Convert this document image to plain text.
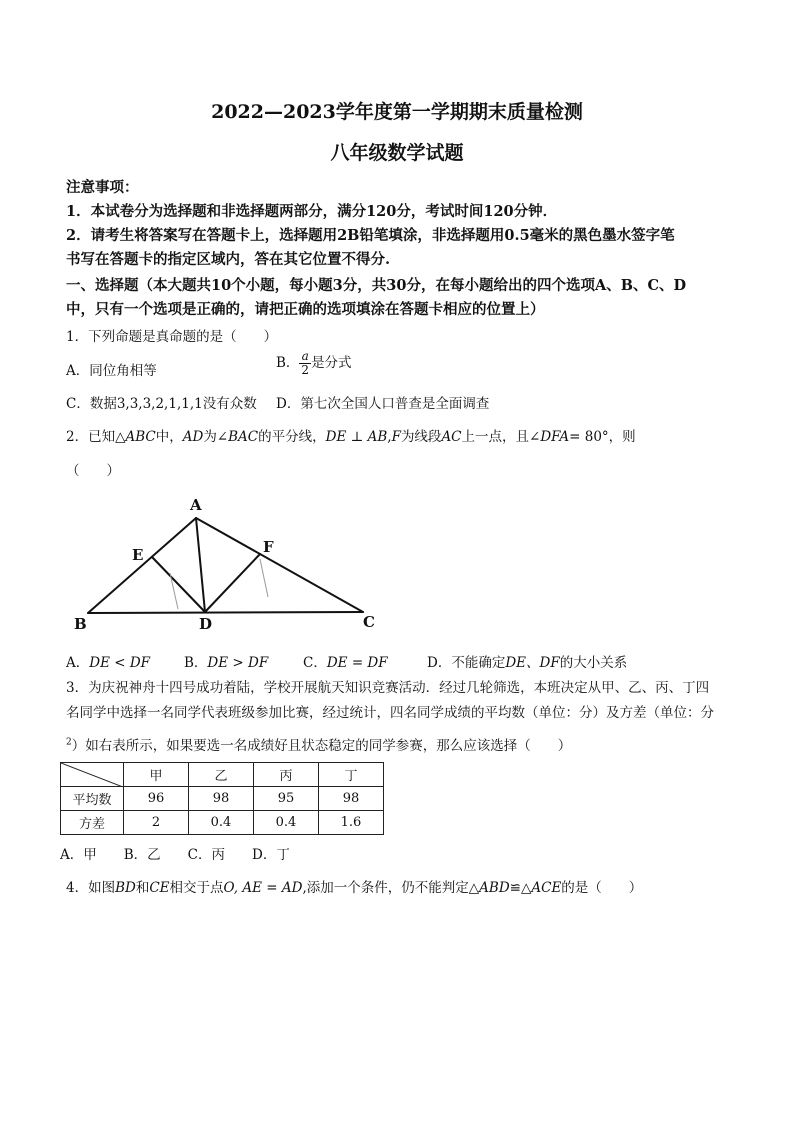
2022—2023学年度第一学期期末质量检测
八年级数学试题
注意事项：
1．本试卷分为选择题和非选择题两部分，满分120分，考试时间120分钟．
2．请考生将答案写在答题卡上，选择题用2B铅笔填涂，非选择题用0.5毫米的黑色墨水签字笔
书写在答题卡的指定区域内，答在其它位置不得分.
一、选择题（本大题共10个小题，每小题3分，共30分，在每小题给出的四个选项A、B、C、D
中，只有一个选项是正确的，请把正确的选项填涂在答题卡相应的位置上）
1．下列命题是真命题的是（　　）
A．同位角相等	B． $\frac{a}{2}$ 是分式
C．数据3,3,3,2,1,1,1没有众数 D．第七次全国人口普查是全面调查
2．已知△ABC中，AD为∠BAC的平分线，DE ⊥ AB,F为线段AC上一点，且∠DFA= 80°，则
（　　）
A
B	C
D
E	F
A．DE < DF	B．DE > DF	C．DE = DF	D．不能确定DE、DF的大小关系
3．为庆祝神舟十四号成功着陆，学校开展航天知识竞赛活动．经过几轮筛选，本班决定从甲、乙、丙、丁四
名同学中选择一名同学代表班级参加比赛，经过统计，四名同学成绩的平均数（单位：分）及方差（单位：分
$^2$）如右表所示，如果要选一名成绩好且状态稳定的同学参赛，那么应该选择（　　）
	甲	乙	丙	丁
平均数	96	98	95	98
方差	2	0.4	0.4	1.6
A．甲　　B．乙　　C．丙　　D．丁
4．如图BD和CE相交于点O, AE = AD,添加一个条件，仍不能判定△ABD≌△ACE的是（　　）
